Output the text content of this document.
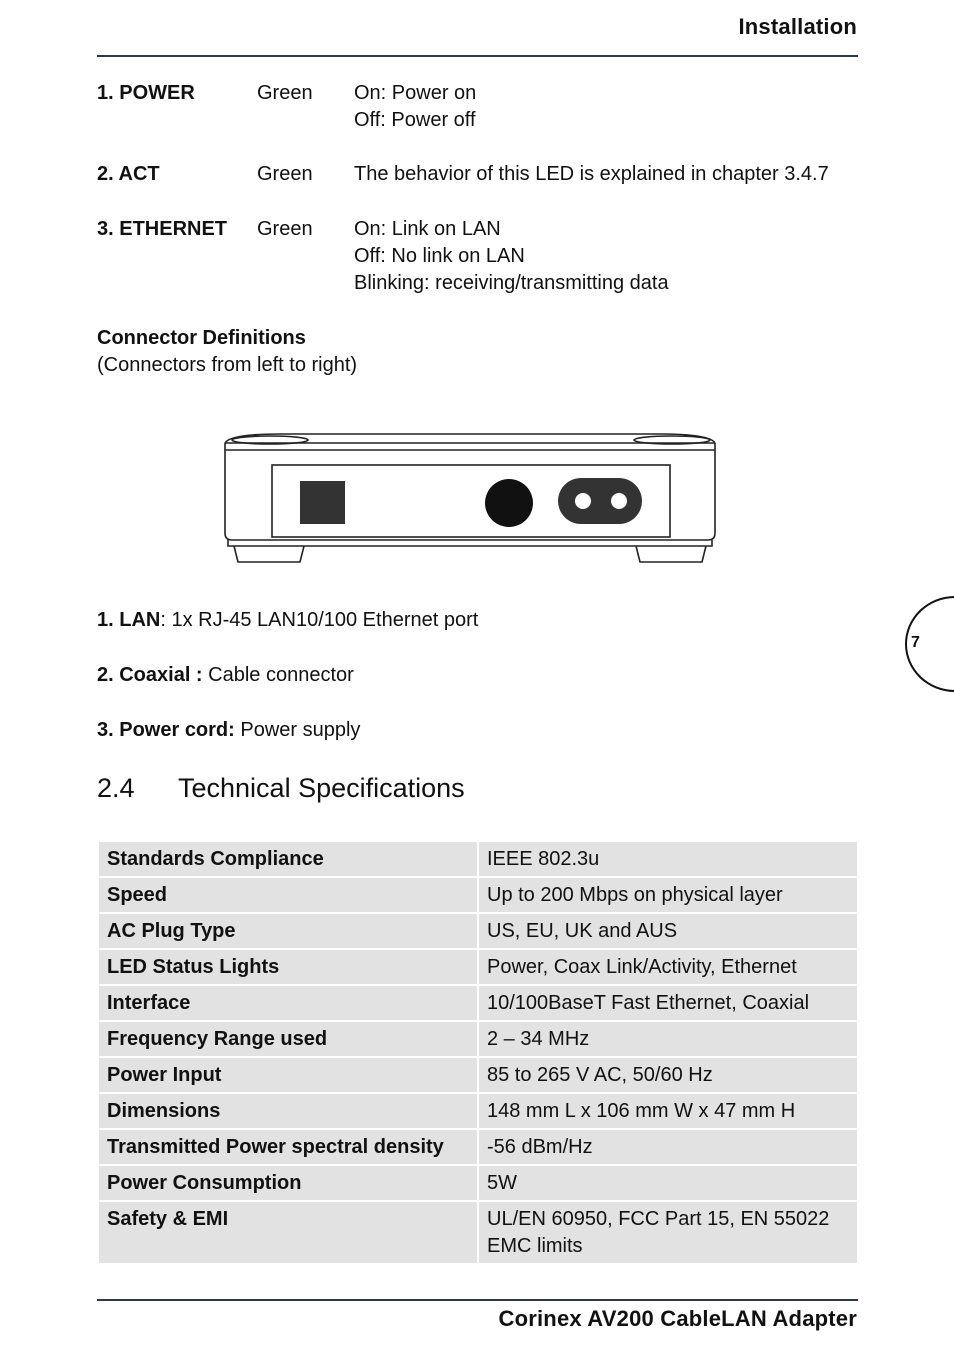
Installation
1. POWER	Green On: Power on
Off: Power off
2. ACT	Green The behavior of this LED is explained in chapter 3.4.7
3. ETHERNET Green On: Link on LAN
Off: No link on LAN
Blinking: receiving/transmitting data
Connector Definitions
(Connectors from left to right)
1. LAN: 1x RJ-45 LAN10/100 Ethernet port
2. Coaxial : Cable connector
3. Power cord: Power supply
2.4 Technical Specifications
Standards Compliance	IEEE 802.3u
Speed	Up to 200 Mbps on physical layer
AC Plug Type	US, EU, UK and AUS
LED Status Lights	Power, Coax Link/Activity, Ethernet
Interface	10/100BaseT Fast Ethernet, Coaxial
Frequency Range used	2 – 34 MHz
Power Input	85 to 265 V AC, 50/60 Hz
Dimensions	148 mm L x 106 mm W x 47 mm H
Transmitted Power spectral density	-56 dBm/Hz
Power Consumption	5W
Safety & EMI	UL/EN 60950, FCC Part 15, EN 55022 EMC limits
7
Corinex AV200 CableLAN Adapter
